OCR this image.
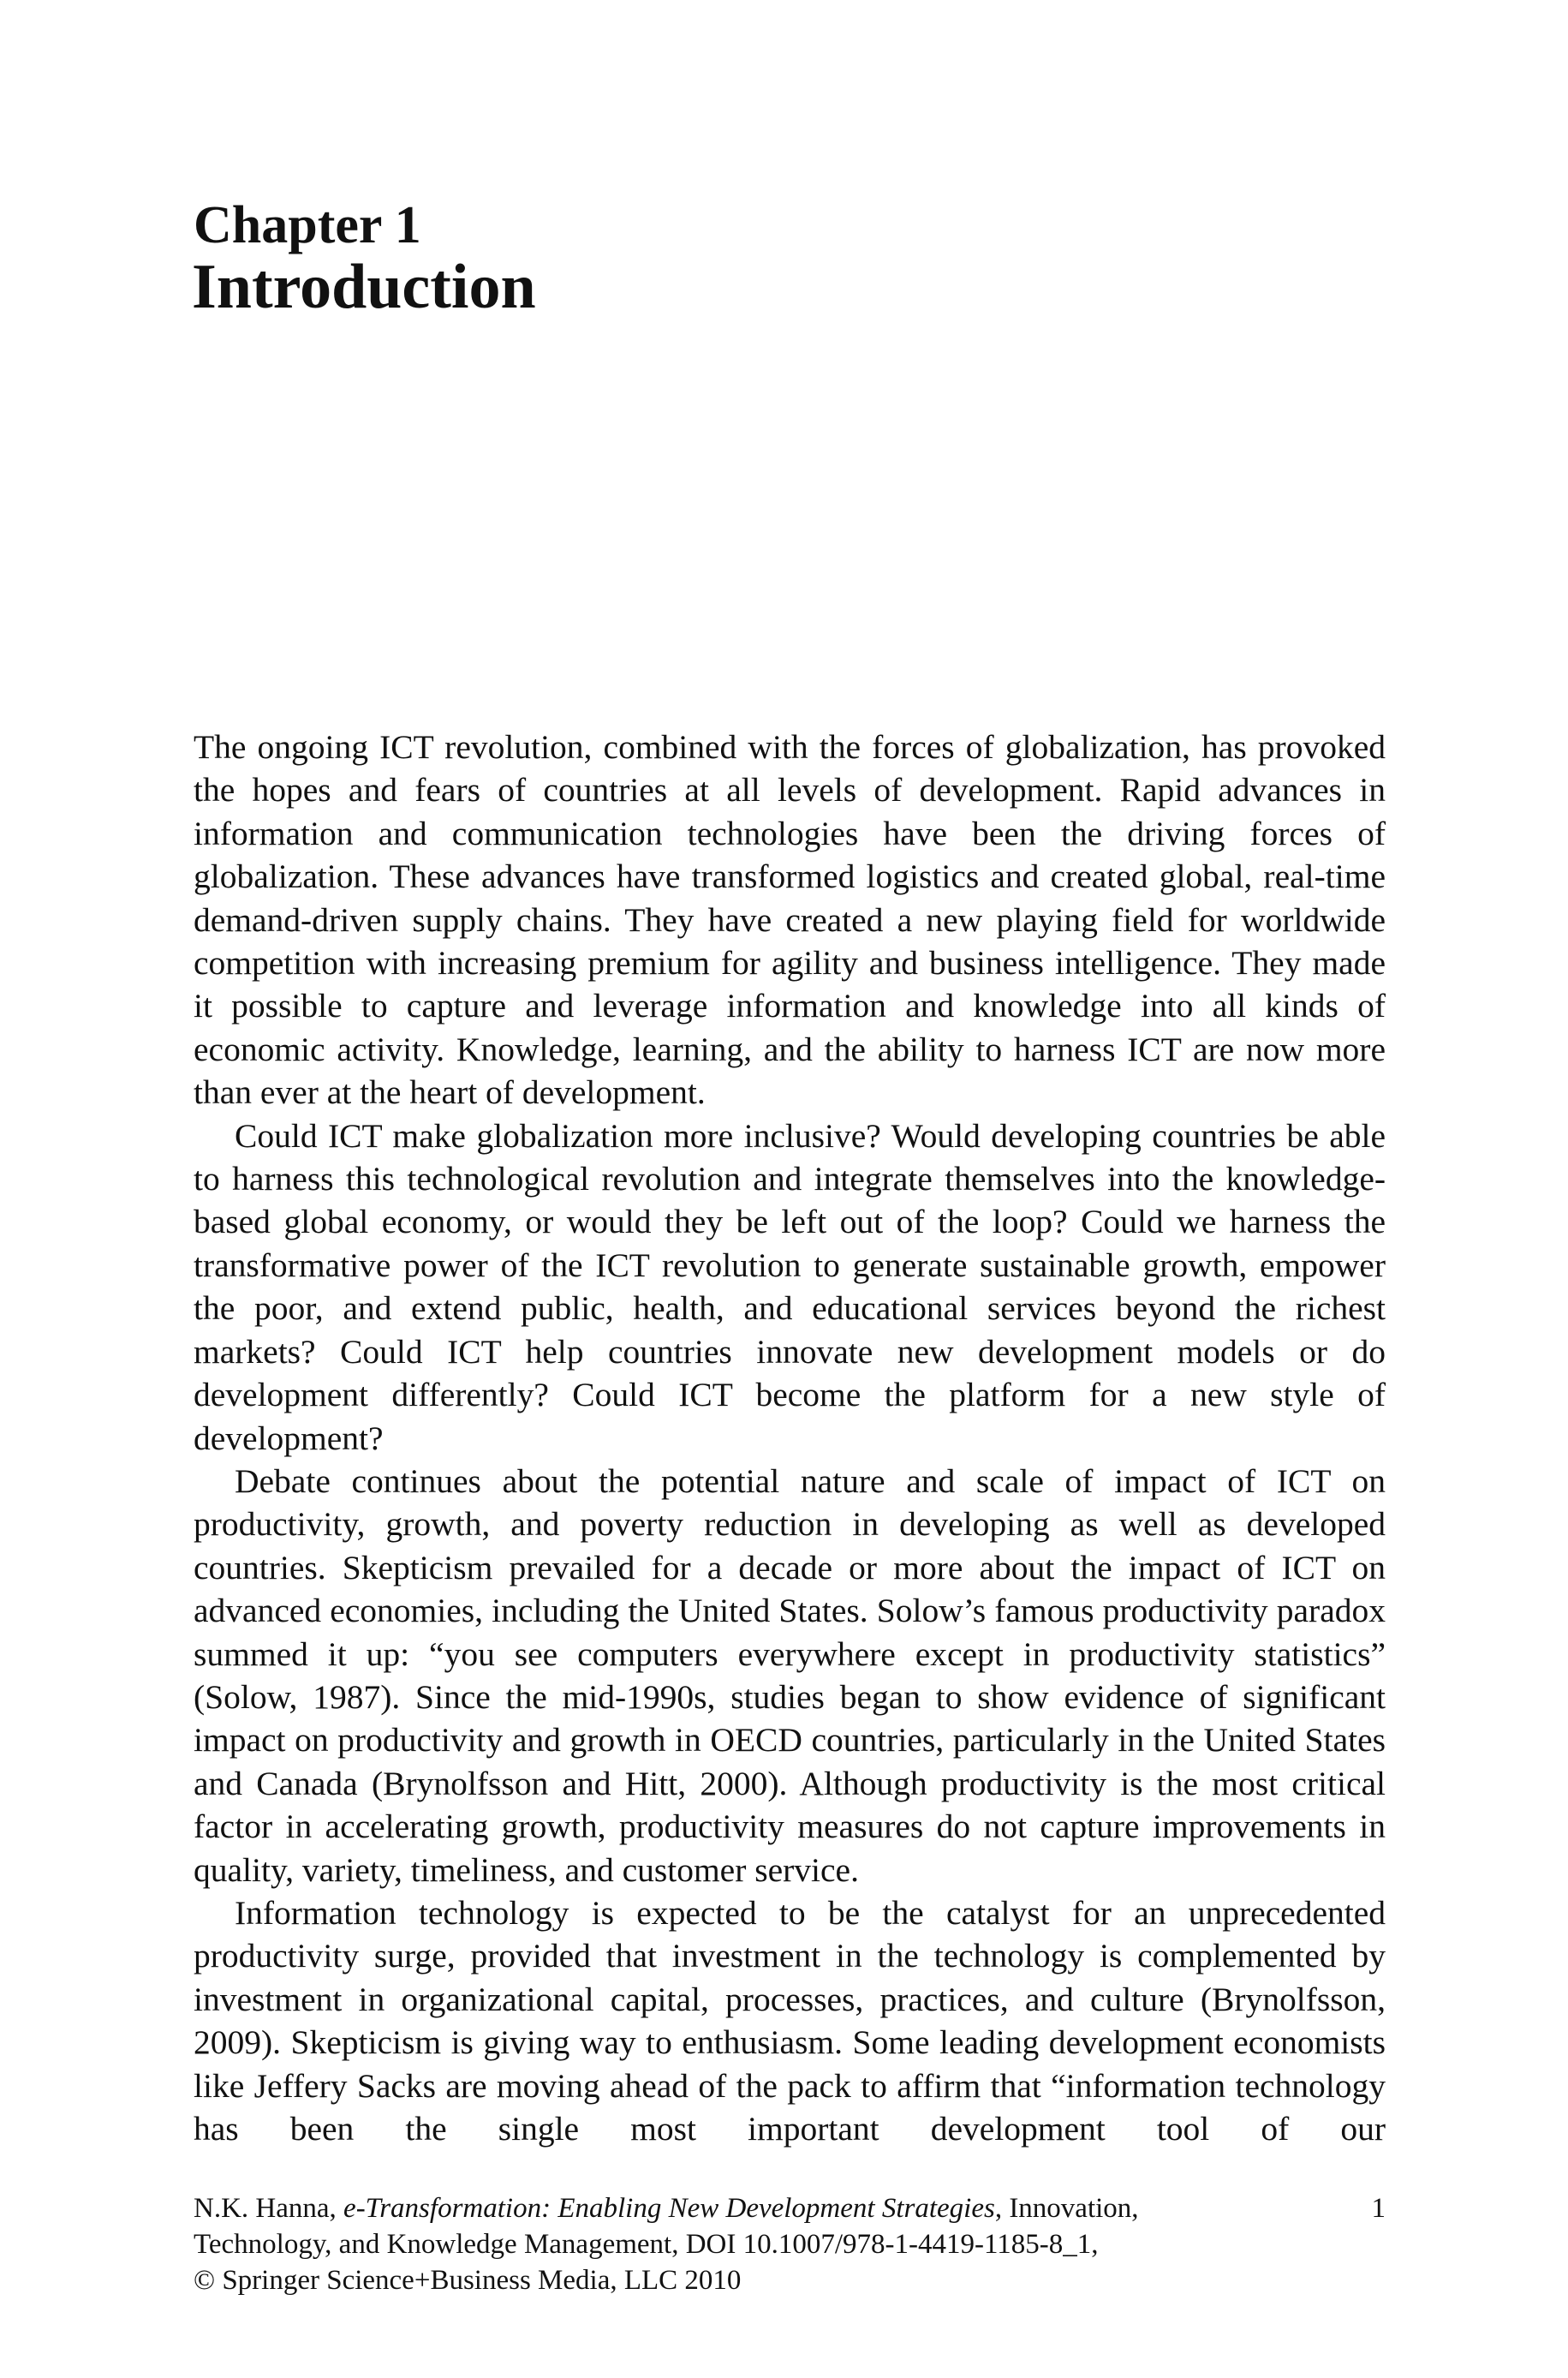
Chapter 1
Introduction

The ongoing ICT revolution, combined with the forces of globalization, has provoked the hopes and fears of countries at all levels of development. Rapid advances in information and communication technologies have been the driving forces of globalization. These advances have transformed logistics and created global, real-time demand-driven supply chains. They have created a new playing field for worldwide competition with increasing premium for agility and business intelligence. They made it possible to capture and leverage information and knowledge into all kinds of economic activity. Knowledge, learning, and the ability to harness ICT are now more than ever at the heart of development.

Could ICT make globalization more inclusive? Would developing countries be able to harness this technological revolution and integrate themselves into the knowledge-based global economy, or would they be left out of the loop? Could we harness the transformative power of the ICT revolution to generate sustainable growth, empower the poor, and extend public, health, and educational services beyond the richest markets? Could ICT help countries innovate new development models or do development differently? Could ICT become the platform for a new style of development?

Debate continues about the potential nature and scale of impact of ICT on productivity, growth, and poverty reduction in developing as well as developed countries. Skepticism prevailed for a decade or more about the impact of ICT on advanced economies, including the United States. Solow’s famous productivity paradox summed it up: “you see computers everywhere except in productivity statistics” (Solow, 1987). Since the mid-1990s, studies began to show evidence of significant impact on productivity and growth in OECD countries, particularly in the United States and Canada (Brynolfsson and Hitt, 2000). Although productivity is the most critical factor in accelerating growth, productivity measures do not capture improvements in quality, variety, timeliness, and customer service.

Information technology is expected to be the catalyst for an unprecedented productivity surge, provided that investment in the technology is complemented by investment in organizational capital, processes, practices, and culture (Brynolfsson, 2009). Skepticism is giving way to enthusiasm. Some leading development economists like Jeffery Sacks are moving ahead of the pack to affirm that “information technology has been the single most important development tool of our

N.K. Hanna, e-Transformation: Enabling New Development Strategies, Innovation,
Technology, and Knowledge Management, DOI 10.1007/978-1-4419-1185-8_1,
© Springer Science+Business Media, LLC 2010
1
